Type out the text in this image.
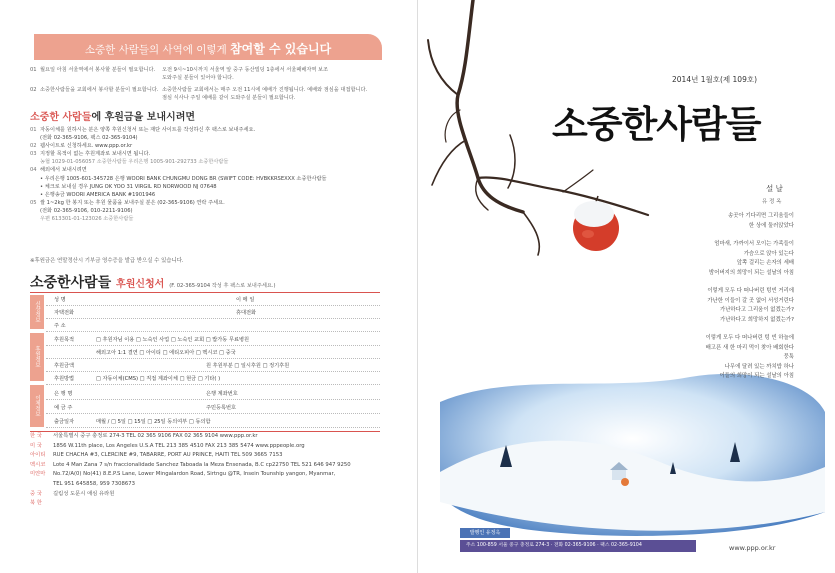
소중한 사람들의 사역에 이렇게 참여할 수 있습니다
01 월요일 아침 서울역에서 봉사할 분들이 필요합니다.	오전 9시~10시까지 서울역 앞 중구 동산빌딩 1층에서 서울패배자역 보조
도와주실 분들이 있어야 합니다.
02 소중한사람들을 교회에서 봉사할 분들이 필요합니다. 소중한사람들 교회에서는 매주 오전 11시에 예배가 진행됩니다. 예배와 점심을 대접합니다.
점심 식사나 주일 예배를 같이 도와주실 분들이 필요합니다.
소중한 사람들에 후원금을 보내시려면
01 자동이체를 원하시는 분은 양쪽 후원신청서 또는 재단 사이트를 작성하신 후 팩스로 보내주세요.
(전화 02-365-9106, 팩스 02-365-9104)
02 웹사이트로 신청하세요. www.ppp.or.kr
03 지정할 목적이 없는 후원계좌로 보내시면 됩니다.
농협 1029-01-056057 소중한사람들 우리은행 1005-901-292733 소중한사람들
04 해외에서 보내시려면
• 우리은행 1005-601-345728 은행 WOORI BANK CHUNGMU DONG BR (SWIFT CODE: HVBKKRSEXXX 소중한사람들
• 체크로 보내실 경우 JUNG OK YOO 31 VIRGIL RD NORWOOD NJ 07648
• 은행송금 WOORI AMERICA BANK #1901946
05 쌀 1~2kg 한 봉지 또는 후원 물품을 보내주실 분은 (02-365-9106) 연락 주세요.
(전화 02-365-9106, 010-2211-9106)
우편 613301-01-123026 소중한사람들
※후원금은 연말정산시 기부금 영수증을 발급 받으실 수 있습니다.
소중한사람들 후원신청서 (F. 02-365-9104 작성 후 팩스로 보내주세요.)
신상정보
후원정보
이체정보
성 명	이 메 일
자택전화	휴대전화
주 소
후원목적	□ 후원자님 이용 □ 노숙인 사업 □ 노숙인 교회 □ 밥가동 무료병원
해외고아 1:1 결연 □ 아이티 □ 에티오피아 □ 멕시코 □ 중국
후원금액	원 후원부분 □ 일시후원 □ 정기후원
후원방법	□ 자동이체(CMS) □ 직접 계좌이체 □ 현금 □ 기타( )
은 행 명	은행 계좌번호
예 금 주	주민등록번호
출금일자	매월 / □ 5일 □ 15일 □ 25일 동의여부 □ 동의함
한 국	서울특별시 중구 충정로 274-3 TEL 02 365 9106 FAX 02 365 9104 www.ppp.or.kr
미 국	1856 W.11th place, Los Angeles U.S.A TEL 213 385 4510 FAX 213 385 5474 www.pppeople.org
아이티	RUE CHACHA #3, CLERCINE #9, TABARRE, PORT AU PRINCE, HAITI TEL 509 3665 7153
멕시코	Lote 4 Man Zana 7 s/n fraccionalidade Sanchez Taboada la Meza Ensenada, B.C cp22750 TEL 521 646 947 9250
미얀마	No.72/A(0) No(41) 8.E.P.S Lane, Lower Mingalardon Road, Sirtngu @TR, Insein Tounship yangon, Myanmar,
TEL 951 645858, 959 7308673
중 국	길림성 도문시 애심 유라원
북 한
발행인 유정옥
주소 100-859 서울 중구 충정로 274-3 · 전화 02-365-9106 · 팩스 02-365-9104
2014년 1월호(제 109호)
소중한사람들
설 날
유 정 옥
송곳아 기다리면 그리움들이
한 상에 둘러앉았다
엄마새, 가까이서 모이는 가족들이
가슴으로 앉아 있는다
앞쪽 걸리는 손자의 세배
밤어버지의 희망이 되는 설날의 아침
이렇게 모두 다 떠나버린 텅빈 거리에
가난한 이들이 갈 곳 없어 서성거린다
가난하다고 그리움이 없겠는가?
가난하다고 희망하지 없겠는가?
이렇게 모두 다 떠나버린 텅 빈 하늘에
배고픈 새 한 마리 먹이 찾아 배회한다
뭉툭
나무에 달려 있는 까치밥 하나
이들의 희망이 되는 설날의 아침
www.ppp.or.kr
